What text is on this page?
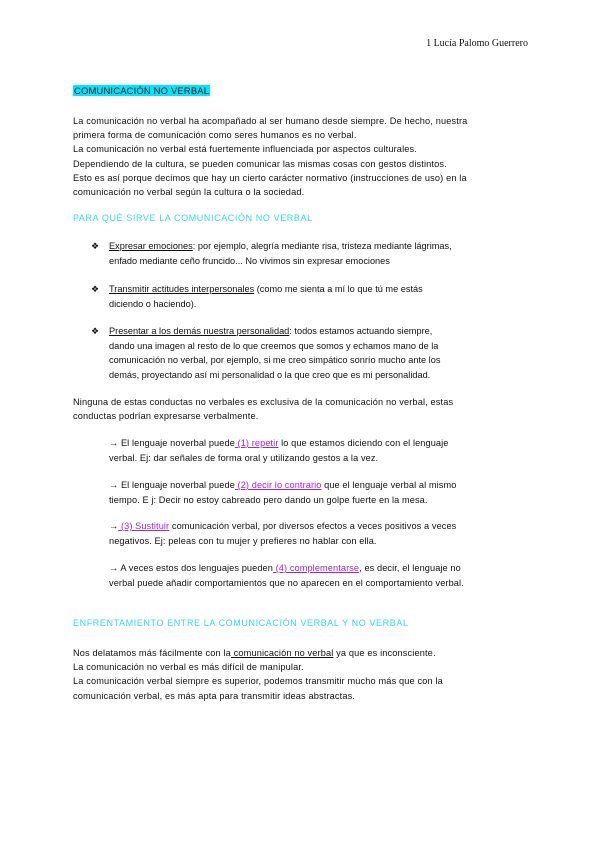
1 Lucía Palomo Guerrero
COMUNICACIÓN NO VERBAL

La comunicación no verbal ha acompañado al ser humano desde siempre. De hecho, nuestra

primera forma de comunicación como seres humanos es no verbal.

La comunicación no verbal está fuertemente influenciada por aspectos culturales.

Dependiendo de la cultura, se pueden comunicar las mismas cosas con gestos distintos.

Esto es así porque decimos que hay un cierto carácter normativo (instrucciones de uso) en la

comunicación no verbal según la cultura o la sociedad.

PARA QUÉ SIRVE LA COMUNICACIÓN NO VERBAL
❖ Expresar emociones: por ejemplo, alegría mediante risa, tristeza mediante lágrimas,
enfado mediante ceño fruncido... No vivimos sin expresar emociones
❖ Transmitir actitudes interpersonales (como me sienta a mí lo que tú me estás
diciendo o haciendo).
❖ Presentar a los demás nuestra personalidad: todos estamos actuando siempre,
dando una imagen al resto de lo que creemos que somos y echamos mano de la
comunicación no verbal, por ejemplo, si me creo simpático sonrío mucho ante los
demás, proyectando así mi personalidad o la que creo que es mi personalidad.

Ninguna de estas conductas no verbales es exclusiva de la comunicación no verbal, estas

conductas podrían expresarse verbalmente.

→ El lenguaje noverbal puede (1) repetir lo que estamos diciendo con el lenguaje
verbal. Ej: dar señales de forma oral y utilizando gestos a la vez.
→ El lenguaje noverbal puede (2) decir lo contrario que el lenguaje verbal al mismo
tiempo. E j: Decir no estoy cabreado pero dando un golpe fuerte en la mesa.
→ (3) Sustituir comunicación verbal, por diversos efectos a veces positivos a veces
negativos. Ej: peleas con tu mujer y prefieres no hablar con ella.
→ A veces estos dos lenguajes pueden (4) complementarse, es decir, el lenguaje no
verbal puede añadir comportamientos que no aparecen en el comportamiento verbal.
ENFRENTAMIENTO ENTRE LA COMUNICACIÓN VERBAL Y NO VERBAL

Nos delatamos más fácilmente con la comunicación no verbal ya que es inconsciente.

La comunicación no verbal es más difícil de manipular.

La comunicación verbal siempre es superior, podemos transmitir mucho más que con la

comunicación verbal, es más apta para transmitir ideas abstractas.
